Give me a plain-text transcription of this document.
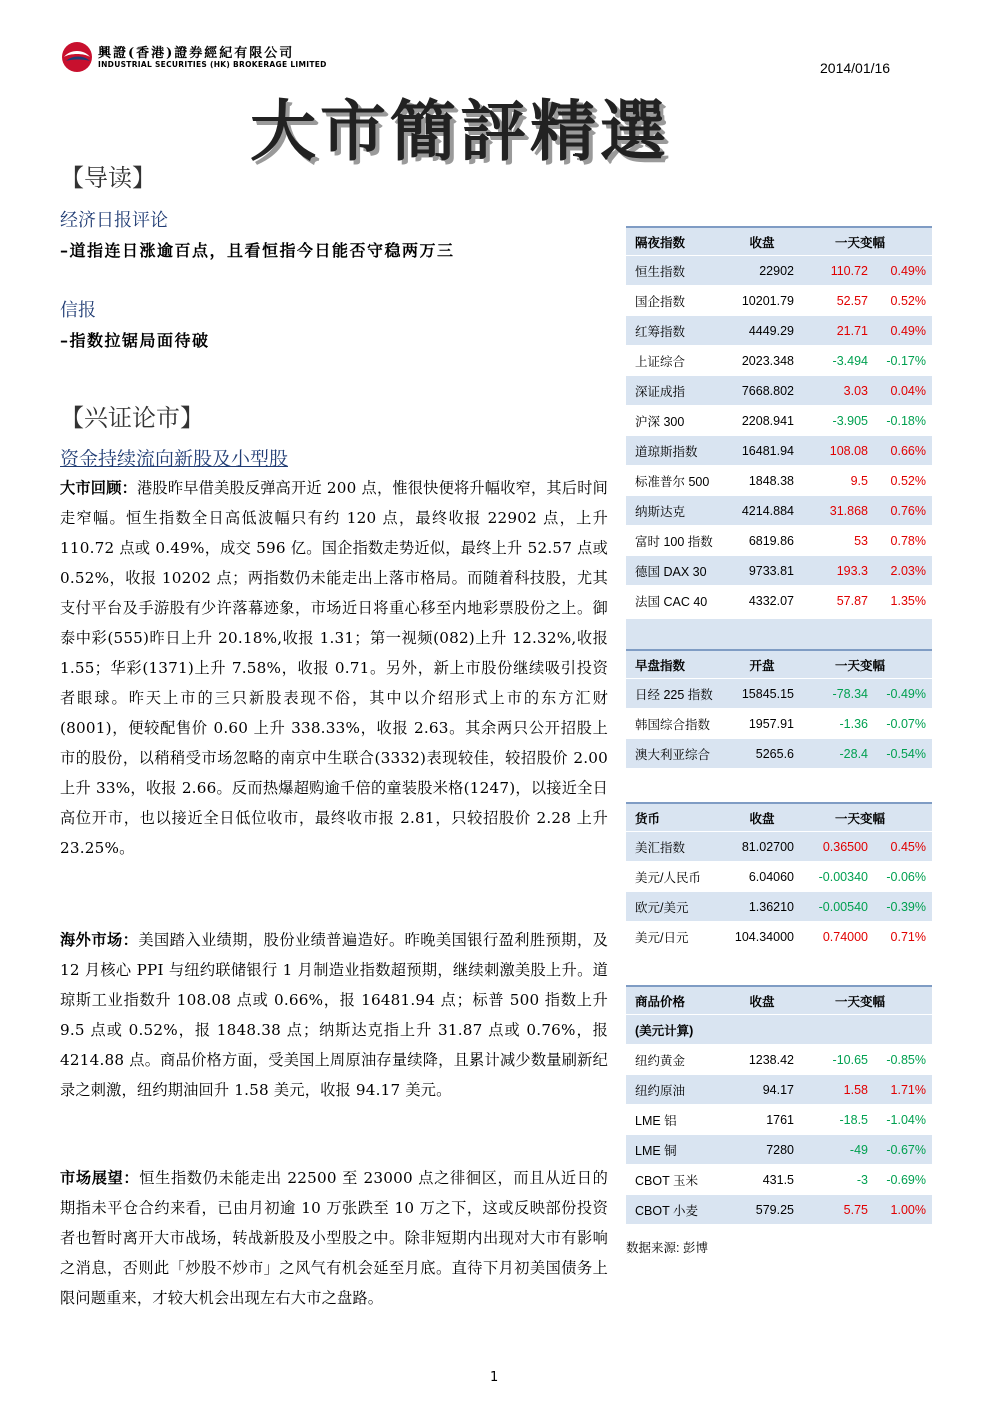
興證(香港)證券經紀有限公司
INDUSTRIAL SECURITIES (HK) BROKERAGE LIMITED	2014/01/16
大市簡評精選
【导读】
经济日报评论
–道指连日涨逾百点，且看恒指今日能否守稳两万三
信报
–指数拉锯局面待破
【兴证论市】
资金持续流向新股及小型股
大市回顾：港股昨早借美股反弹高开近 200 点，惟很快便将升幅收窄，其后时间走窄幅。恒生指数全日高低波幅只有约 120 点，最终收报 22902 点，上升 110.72 点或 0.49%，成交 596 亿。国企指数走势近似，最终上升 52.57 点或 0.52%，收报 10202 点；两指数仍未能走出上落市格局。而随着科技股，尤其支付平台及手游股有少许落幕迹象，市场近日将重心移至内地彩票股份之上。御泰中彩(555)昨日上升 20.18%,收报 1.31；第一视频(082)上升 12.32%,收报 1.55；华彩(1371)上升 7.58%，收报 0.71。另外，新上市股份继续吸引投资者眼球。昨天上市的三只新股表现不俗，其中以介绍形式上市的东方汇财(8001)，便较配售价 0.60 上升 338.33%，收报 2.63。其余两只公开招股上市的股份，以稍稍受市场忽略的南京中生联合(3332)表现较佳，较招股价 2.00 上升 33%，收报 2.66。反而热爆超购逾千倍的童装股米格(1247)，以接近全日高位开市，也以接近全日低位收市，最终收市报 2.81，只较招股价 2.28 上升 23.25%。
海外市场：美国踏入业绩期，股份业绩普遍造好。昨晚美国银行盈利胜预期，及 12 月核心 PPI 与纽约联储银行 1 月制造业指数超预期，继续刺激美股上升。道琼斯工业指数升 108.08 点或 0.66%，报 16481.94 点；标普 500 指数上升 9.5 点或 0.52%，报 1848.38 点；纳斯达克指上升 31.87 点或 0.76%，报 4214.88 点。商品价格方面，受美国上周原油存量续降，且累计减少数量刷新纪录之刺激，纽约期油回升 1.58 美元，收报 94.17 美元。
市场展望：恒生指数仍未能走出 22500 至 23000 点之徘徊区，而且从近日的期指未平仓合约来看，已由月初逾 10 万张跌至 10 万之下，这或反映部份投资者也暂时离开大市战场，转战新股及小型股之中。除非短期内出现对大市有影响之消息，否则此「炒股不炒市」之风气有机会延至月底。直待下月初美国债务上限问题重来，才较大机会出现左右大市之盘路。
隔夜指数	收盘	一天变幅
恒生指数	22902	110.72	0.49%
国企指数	10201.79	52.57	0.52%
红筹指数	4449.29	21.71	0.49%
上证综合	2023.348	-3.494	-0.17%
深证成指	7668.802	3.03	0.04%
沪深 300	2208.941	-3.905	-0.18%
道琼斯指数	16481.94	108.08	0.66%
标准普尔 500	1848.38	9.5	0.52%
纳斯达克	4214.884	31.868	0.76%
富时 100 指数	6819.86	53	0.78%
德国 DAX 30	9733.81	193.3	2.03%
法国 CAC 40	4332.07	57.87	1.35%
早盘指数	开盘	一天变幅
日经 225 指数	15845.15	-78.34	-0.49%
韩国综合指数	1957.91	-1.36	-0.07%
澳大利亚综合	5265.6	-28.4	-0.54%
货币	收盘	一天变幅
美汇指数	81.02700	0.36500	0.45%
美元/人民币	6.04060	-0.00340	-0.06%
欧元/美元	1.36210	-0.00540	-0.39%
美元/日元	104.34000	0.74000	0.71%
商品价格	收盘	一天变幅
(美元计算)
纽约黄金	1238.42	-10.65	-0.85%
纽约原油	94.17	1.58	1.71%
LME 铝	1761	-18.5	-1.04%
LME 铜	7280	-49	-0.67%
CBOT 玉米	431.5	-3	-0.69%
CBOT 小麦	579.25	5.75	1.00%
数据来源: 彭博
1
